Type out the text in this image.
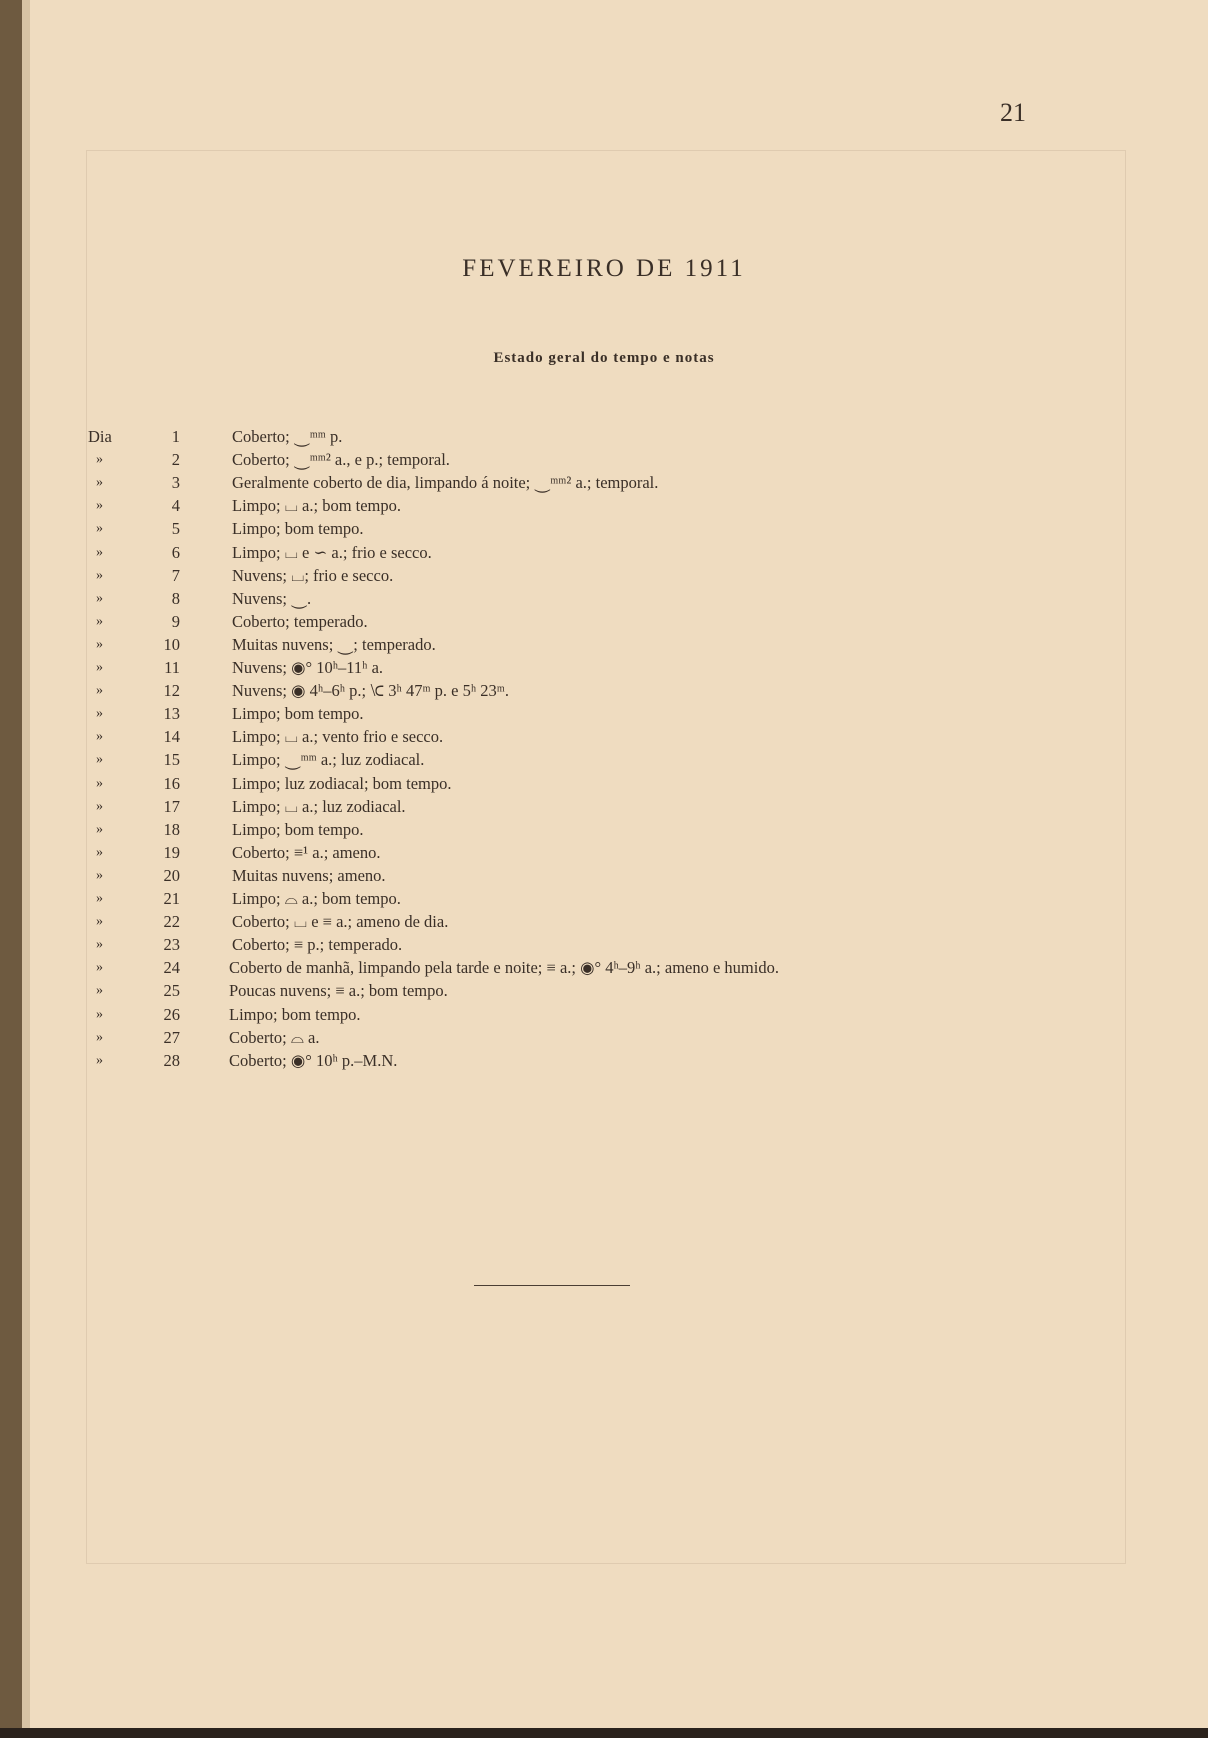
21
FEVEREIRO DE 1911
Estado geral do tempo e notas
Dia	1	Coberto; ⏝ᵐᵐ p.
»	2	Coberto; ⏝ᵐᵐ² a., e p.; temporal.
»	3	Geralmente coberto de dia, limpando á noite; ⏝ᵐᵐ² a.; temporal.
»	4	Limpo; ⌴ a.; bom tempo.
»	5	Limpo; bom tempo.
»	6	Limpo; ⌴ e ∽ a.; frio e secco.
»	7	Nuvens; ⌴; frio e secco.
»	8	Nuvens; ⏝.
»	9	Coberto; temperado.
»	10	Muitas nuvens; ⏝; temperado.
»	11	Nuvens; ◉° 10ʰ–11ʰ a.
»	12	Nuvens; ◉ 4ʰ–6ʰ p.; ⟈ 3ʰ 47ᵐ p. e 5ʰ 23ᵐ.
»	13	Limpo; bom tempo.
»	14	Limpo; ⌴ a.; vento frio e secco.
»	15	Limpo; ⏝ᵐᵐ a.; luz zodiacal.
»	16	Limpo; luz zodiacal; bom tempo.
»	17	Limpo; ⌴ a.; luz zodiacal.
»	18	Limpo; bom tempo.
»	19	Coberto; ≡¹ a.; ameno.
»	20	Muitas nuvens; ameno.
»	21	Limpo; ⌓ a.; bom tempo.
»	22	Coberto; ⌴ e ≡ a.; ameno de dia.
»	23	Coberto; ≡ p.; temperado.
»	24	Coberto de manhã, limpando pela tarde e noite; ≡ a.; ◉° 4ʰ–9ʰ a.; ameno e humido.
»	25	Poucas nuvens; ≡ a.; bom tempo.
»	26	Limpo; bom tempo.
»	27	Coberto; ⌓ a.
»	28	Coberto; ◉° 10ʰ p.–M.N.
